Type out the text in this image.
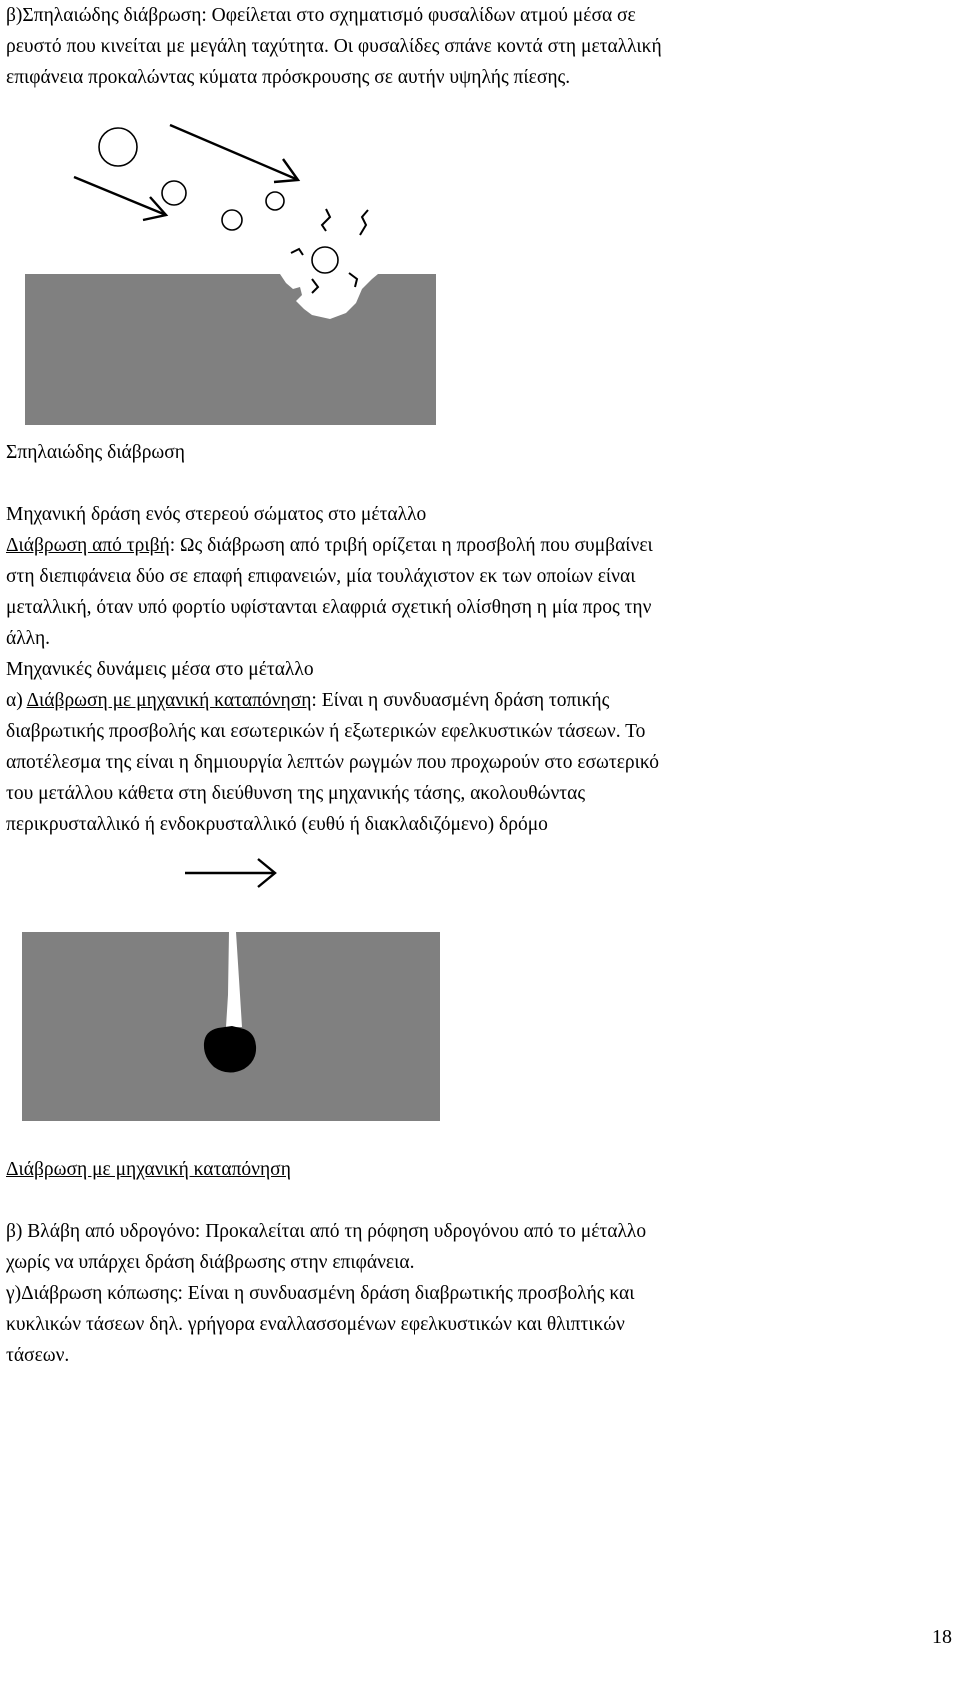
β)Σπηλαιώδης διάβρωση: Οφείλεται στο σχηματισμό φυσαλίδων ατμού μέσα σε
ρευστό που κινείται με μεγάλη ταχύτητα. Οι φυσαλίδες σπάνε κοντά στη μεταλλική
επιφάνεια προκαλώντας κύματα πρόσκρουσης σε αυτήν υψηλής πίεσης.
Σπηλαιώδης διάβρωση
Μηχανική δράση ενός στερεού σώματος στο μέταλλο
Διάβρωση από τριβή: Ως διάβρωση από τριβή ορίζεται η προσβολή που συμβαίνει
στη διεπιφάνεια δύο σε επαφή επιφανειών, μία τουλάχιστον εκ των οποίων είναι
μεταλλική, όταν υπό φορτίο υφίστανται ελαφριά σχετική ολίσθηση η μία προς την
άλλη.
Μηχανικές δυνάμεις μέσα στο μέταλλο
α) Διάβρωση με μηχανική καταπόνηση: Είναι η συνδυασμένη δράση τοπικής
διαβρωτικής προσβολής και εσωτερικών ή εξωτερικών εφελκυστικών τάσεων. Το
αποτέλεσμα της είναι η δημιουργία λεπτών ρωγμών που προχωρούν στο εσωτερικό
του μετάλλου κάθετα στη διεύθυνση της μηχανικής τάσης, ακολουθώντας
περικρυσταλλικό ή ενδοκρυσταλλικό (ευθύ ή διακλαδιζόμενο) δρόμο
Διάβρωση με μηχανική καταπόνηση
β) Βλάβη από υδρογόνο: Προκαλείται από τη ρόφηση υδρογόνου από το μέταλλο
χωρίς να υπάρχει δράση διάβρωσης στην επιφάνεια.
γ)Διάβρωση κόπωσης: Είναι η συνδυασμένη δράση διαβρωτικής προσβολής και
κυκλικών τάσεων δηλ. γρήγορα εναλλασσομένων εφελκυστικών και θλιπτικών
τάσεων.
18
